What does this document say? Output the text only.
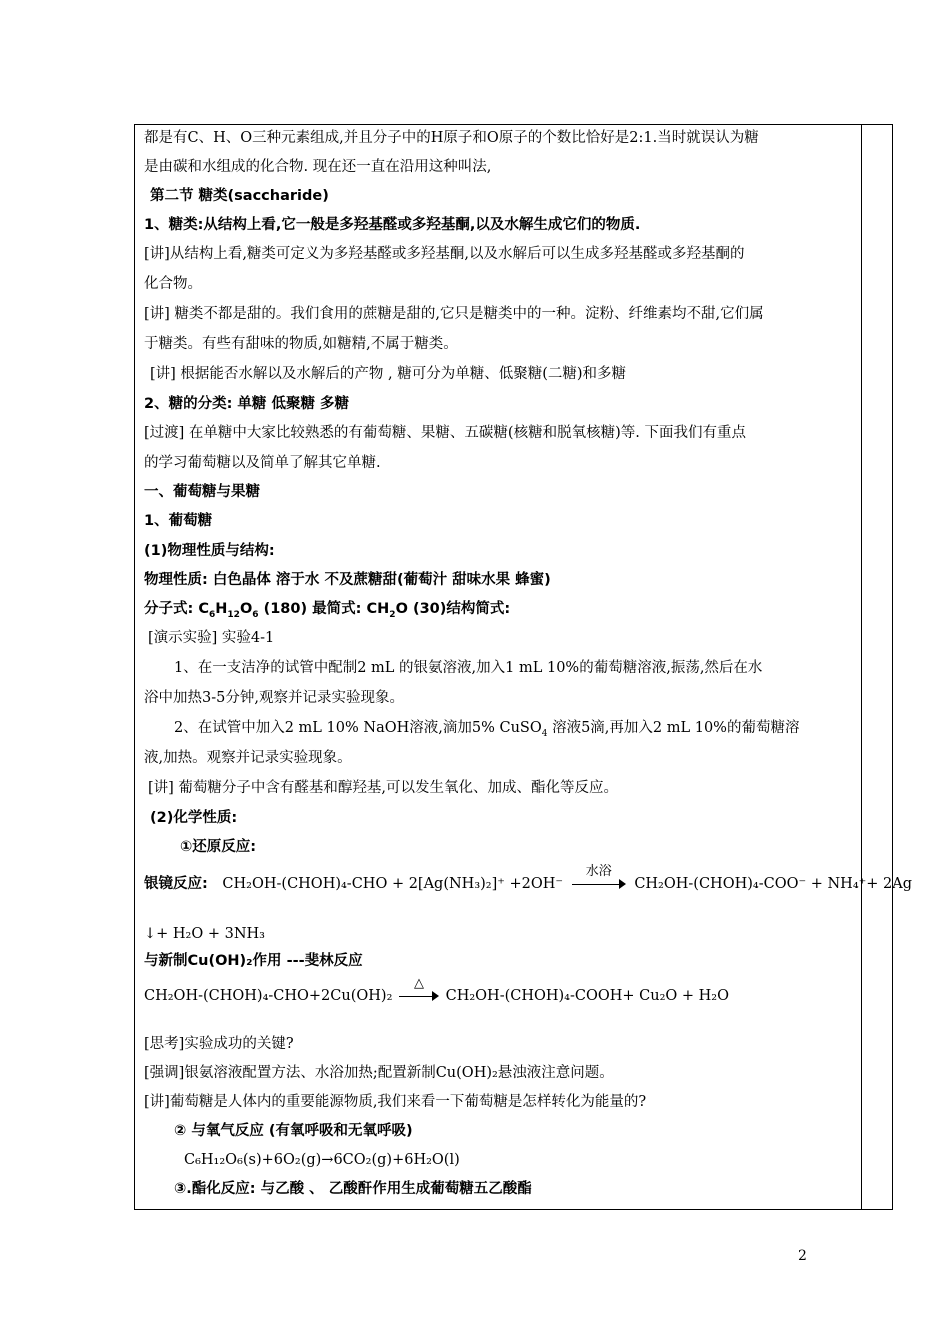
都是有C、H、O三种元素组成,并且分子中的H原子和O原子的个数比恰好是2:1.当时就误认为糖
是由碳和水组成的化合物. 现在还一直在沿用这种叫法,
第二节 糖类(saccharide)
1、糖类:从结构上看,它一般是多羟基醛或多羟基酮,以及水解生成它们的物质.
[讲]从结构上看,糖类可定义为多羟基醛或多羟基酮,以及水解后可以生成多羟基醛或多羟基酮的
化合物。
[讲] 糖类不都是甜的。我们食用的蔗糖是甜的,它只是糖类中的一种。淀粉、纤维素均不甜,它们属
于糖类。有些有甜味的物质,如糖精,不属于糖类。
[讲] 根据能否水解以及水解后的产物 , 糖可分为单糖、低聚糖(二糖)和多糖
2、糖的分类: 单糖 低聚糖 多糖
[过渡] 在单糖中大家比较熟悉的有葡萄糖、果糖、五碳糖(核糖和脱氧核糖)等. 下面我们有重点
的学习葡萄糖以及简单了解其它单糖.
一、葡萄糖与果糖
1、葡萄糖
(1)物理性质与结构:
物理性质: 白色晶体 溶于水 不及蔗糖甜(葡萄汁 甜味水果 蜂蜜)
分子式: $C_6H_{12}O_6$ (180) 最简式: $CH_2O$ (30)结构简式:
[演示实验] 实验4-1
1、在一支洁净的试管中配制2 mL 的银氨溶液,加入1 mL 10%的葡萄糖溶液,振荡,然后在水
浴中加热3-5分钟,观察并记录实验现象。
2、在试管中加入2 mL 10% NaOH溶液,滴加5% CuSO$_4$ 溶液5滴,再加入2 mL 10%的葡萄糖溶
液,加热。观察并记录实验现象。
[讲] 葡萄糖分子中含有醛基和醇羟基,可以发生氧化、加成、酯化等反应。
(2)化学性质:
①还原反应:
银镜反应: CH₂OH-(CHOH)₄-CHO + 2[Ag(NH₃)₂]⁺ +2OH⁻
水浴
CH₂OH-(CHOH)₄-COO⁻ + NH₄⁺+ 2Ag
↓+ H₂O + 3NH₃
与新制Cu(OH)₂作用 ---斐林反应
CH₂OH-(CHOH)₄-CHO+2Cu(OH)₂
△
CH₂OH-(CHOH)₄-COOH+ Cu₂O + H₂O
[思考]实验成功的关键?
[强调]银氨溶液配置方法、水浴加热;配置新制Cu(OH)₂悬浊液注意问题。
[讲]葡萄糖是人体内的重要能源物质,我们来看一下葡萄糖是怎样转化为能量的?
② 与氧气反应 (有氧呼吸和无氧呼吸)
C₆H₁₂O₆(s)+6O₂(g)→6CO₂(g)+6H₂O(l)
③.酯化反应: 与乙酸 、 乙酸酐作用生成葡萄糖五乙酸酯
2
